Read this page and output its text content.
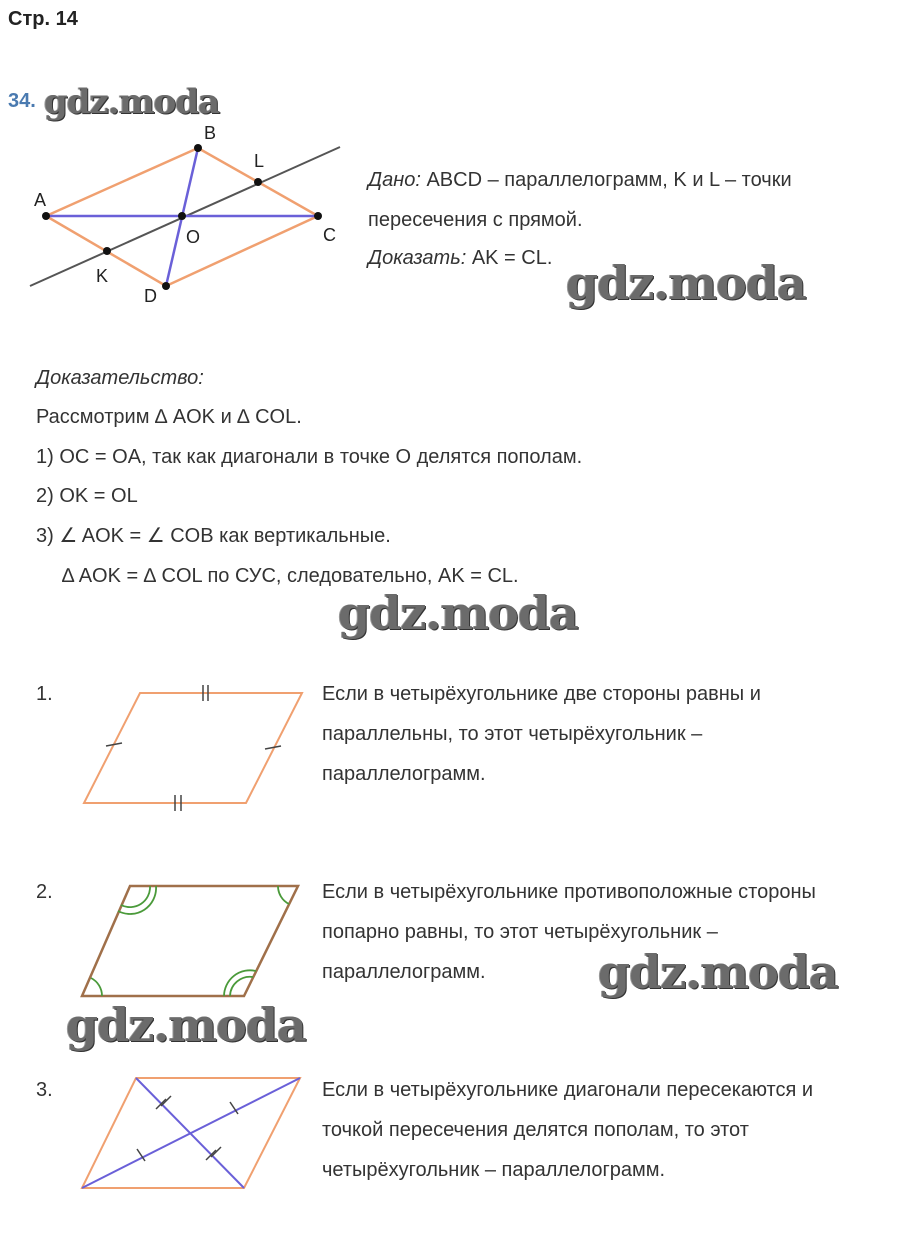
Стр. 14
34. gdz.moda
A
B
C
D
K
L
O
Дано: ABCD – параллелограмм, K и L – точки
пересечения с прямой.
Доказать: AK = CL. gdz.moda
Доказательство:
Рассмотрим ∆ AOK и ∆ COL.
1) OC = OA, так как диагонали в точке O делятся пополам.
2) OK = OL
3) ∠ AOK = ∠ COB как вертикальные.
∆ AOK = ∆ COL по СУС, следовательно, AK = CL.
gdz.moda
1.	Если в четырёхугольнике две стороны равны и
параллельны, то этот четырёхугольник –
параллелограмм.
2.	Если в четырёхугольнике противоположные стороны
попарно равны, то этот четырёхугольник –
параллелограмм. gdz.moda
gdz.moda
3.	Если в четырёхугольнике диагонали пересекаются и
точкой пересечения делятся пополам, то этот
четырёхугольник – параллелограмм.
